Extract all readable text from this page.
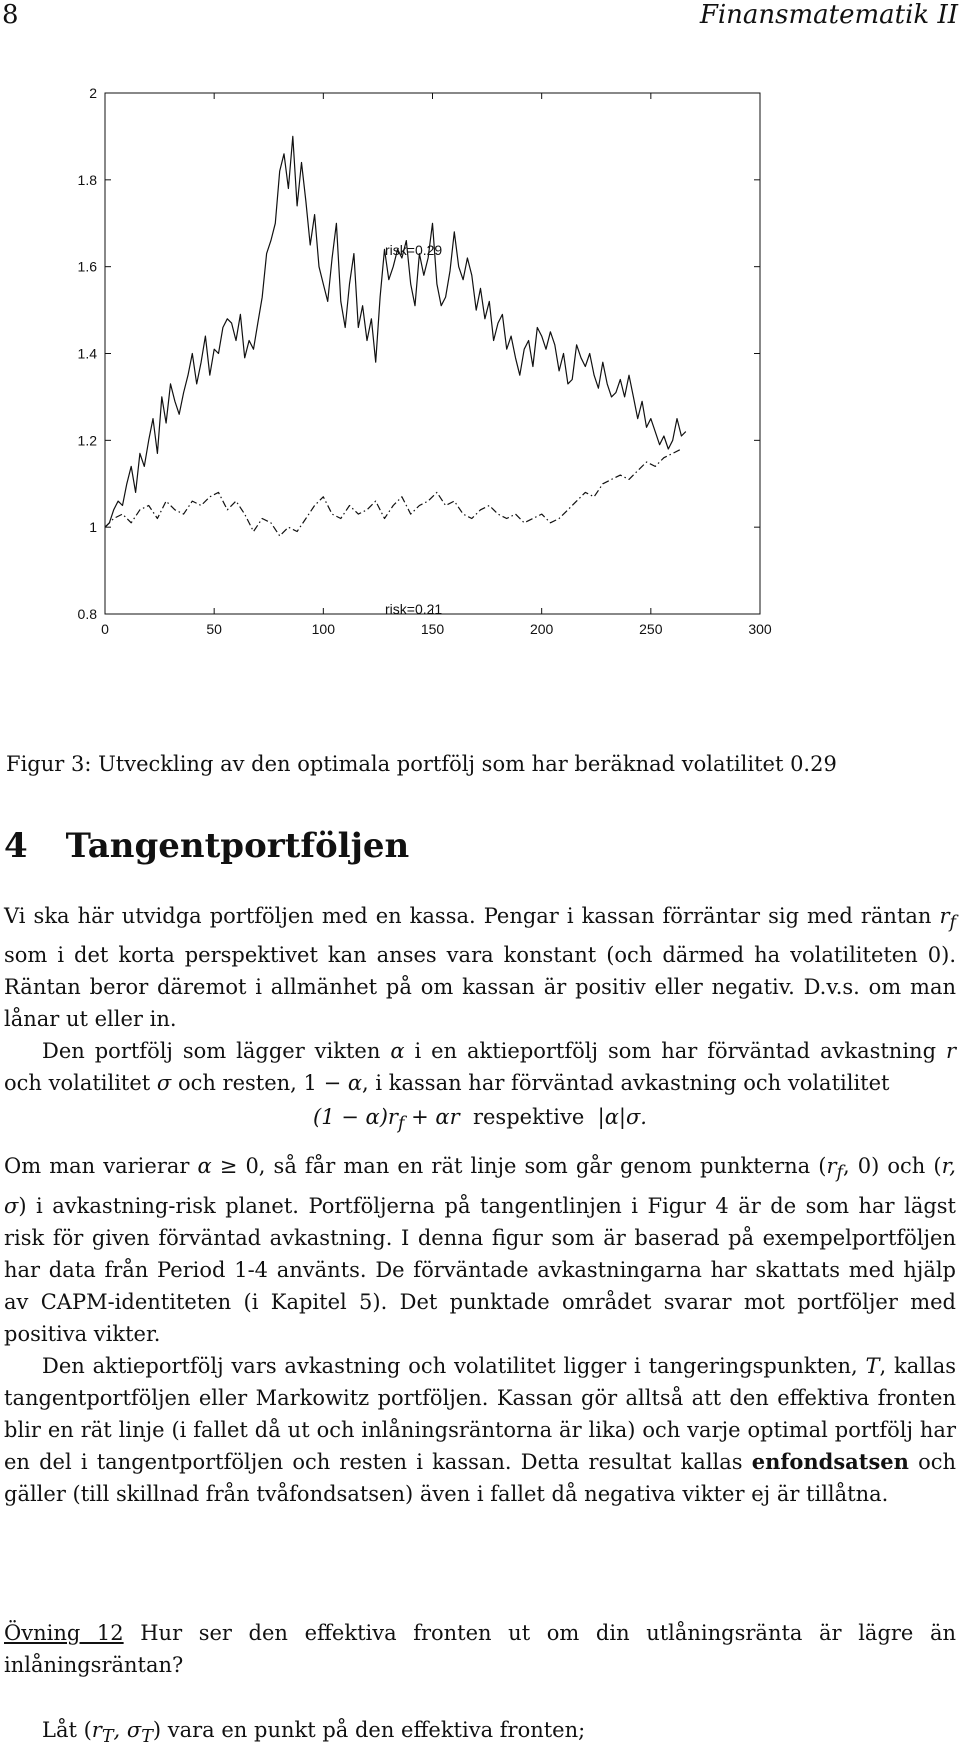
8	Finansmatematik II
0	50	100	150	200	250	300
0.8
1
1.2
1.4
1.6
1.8
2
risk=0.29
risk=0.21
Figur 3: Utveckling av den optimala portfölj som har beräknad volatilitet 0.29
4 Tangentportföljen

Vi ska här utvidga portföljen med en kassa. Pengar i kassan förräntar sig med räntan $r_f$ som i det korta perspektivet kan anses vara konstant (och därmed ha volatiliteten 0). Räntan beror däremot i allmänhet på om kassan är positiv eller negativ. D.v.s. om man lånar ut eller in.

Den portfölj som lägger vikten α i en aktieportfölj som har förväntad avkastning r och volatilitet σ och resten, 1 − α, i kassan har förväntad avkastning och volatilitet

$(1 - \alpha)r_f + \alpha r$ respektive |α|σ.

Om man varierar α ≥ 0, så får man en rät linje som går genom punkterna ($r_f$, 0) och (r, σ) i avkastning-risk planet. Portföljerna på tangentlinjen i Figur 4 är de som har lägst risk för given förväntad avkastning. I denna figur som är baserad på exempelportföljen har data från Period 1-4 använts. De förväntade avkastningarna har skattats med hjälp av CAPM-identiteten (i Kapitel 5). Det punktade området svarar mot portföljer med positiva vikter.

Den aktieportfölj vars avkastning och volatilitet ligger i tangeringspunkten, T, kallas tangentportföljen eller Markowitz portföljen. Kassan gör alltså att den effektiva fronten blir en rät linje (i fallet då ut och inlåningsräntorna är lika) och varje optimal portfölj har en del i tangentportföljen och resten i kassan. Detta resultat kallas enfondsatsen och gäller (till skillnad från tvåfondsatsen) även i fallet då negativa vikter ej är tillåtna.

Övning 12 Hur ser den effektiva fronten ut om din utlåningsränta är lägre än inlåningsräntan?
Låt ($r_T$, $\sigma_T$) vara en punkt på den effektiva fronten;
